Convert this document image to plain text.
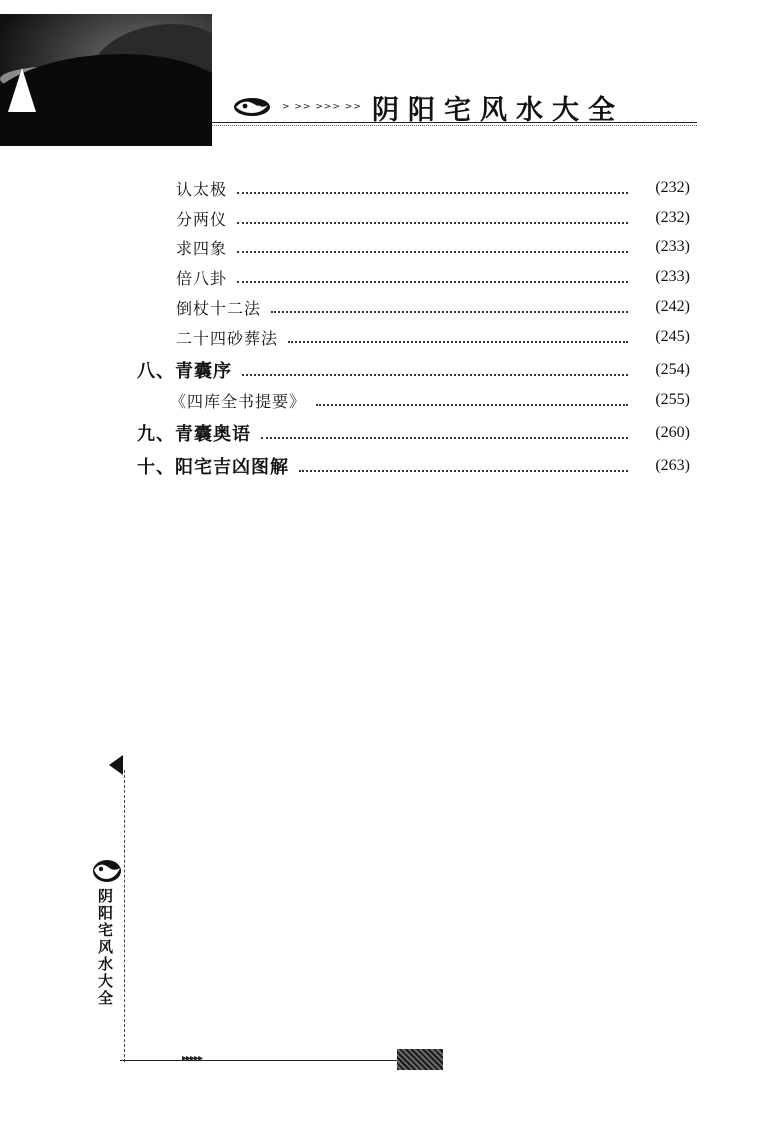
> >> >>> >> 阴阳宅风水大全
认太极	(232)
分两仪	(232)
求四象	(233)
倍八卦	(233)
倒杖十二法	(242)
二十四砂葬法	(245)
八、青囊序	(254)
《四库全书提要》	(255)
九、青囊奥语	(260)
十、阳宅吉凶图解	(263)
阴阳宅风水大全
▸▸▸▸▸
